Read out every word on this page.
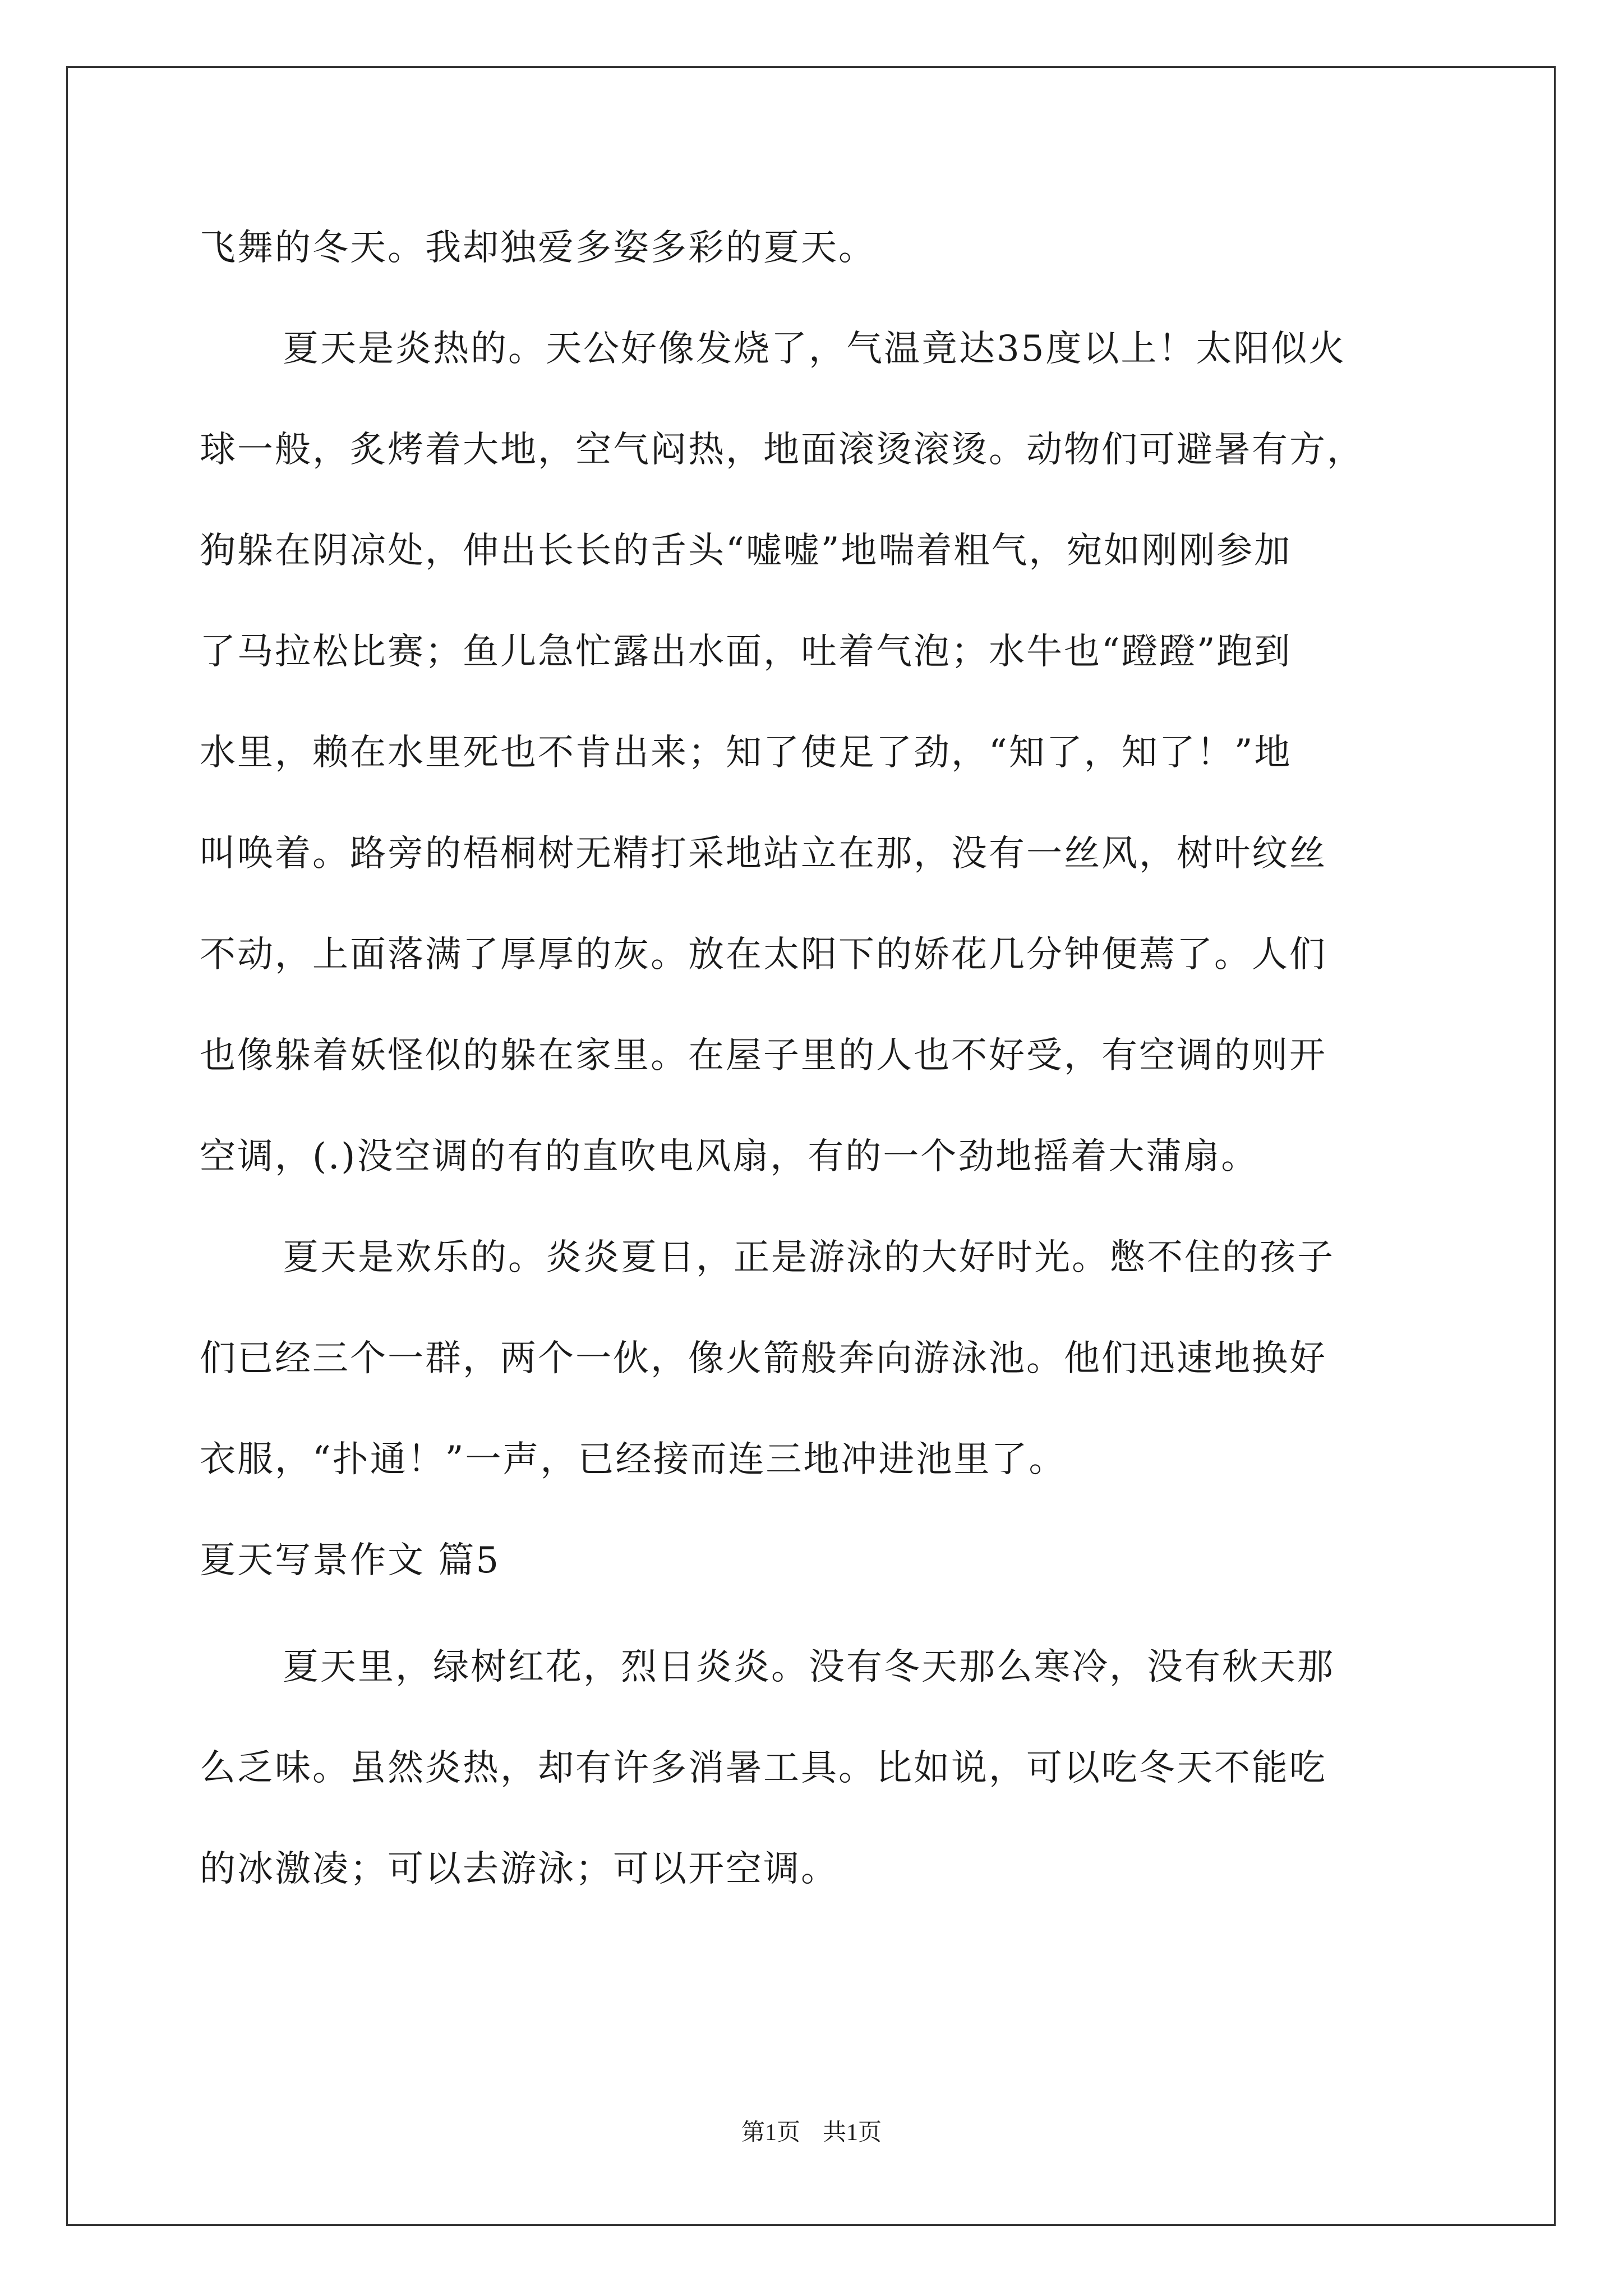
飞舞的冬天。我却独爱多姿多彩的夏天。
夏天是炎热的。天公好像发烧了，气温竟达35度以上！太阳似火
球一般，炙烤着大地，空气闷热，地面滚烫滚烫。动物们可避暑有方，
狗躲在阴凉处，伸出长长的舌头“嘘嘘”地喘着粗气，宛如刚刚参加
了马拉松比赛；鱼儿急忙露出水面，吐着气泡；水牛也“蹬蹬”跑到
水里，赖在水里死也不肯出来；知了使足了劲，“知了，知了！”地
叫唤着。路旁的梧桐树无精打采地站立在那，没有一丝风，树叶纹丝
不动，上面落满了厚厚的灰。放在太阳下的娇花几分钟便蔫了。人们
也像躲着妖怪似的躲在家里。在屋子里的人也不好受，有空调的则开
空调，(.)没空调的有的直吹电风扇，有的一个劲地摇着大蒲扇。
夏天是欢乐的。炎炎夏日，正是游泳的大好时光。憋不住的孩子
们已经三个一群，两个一伙，像火箭般奔向游泳池。他们迅速地换好
衣服，“扑通！”一声，已经接而连三地冲进池里了。
夏天写景作文 篇5
夏天里，绿树红花，烈日炎炎。没有冬天那么寒冷，没有秋天那
么乏味。虽然炎热，却有许多消暑工具。比如说，可以吃冬天不能吃
的冰激凌；可以去游泳；可以开空调。
第1页 共1页
